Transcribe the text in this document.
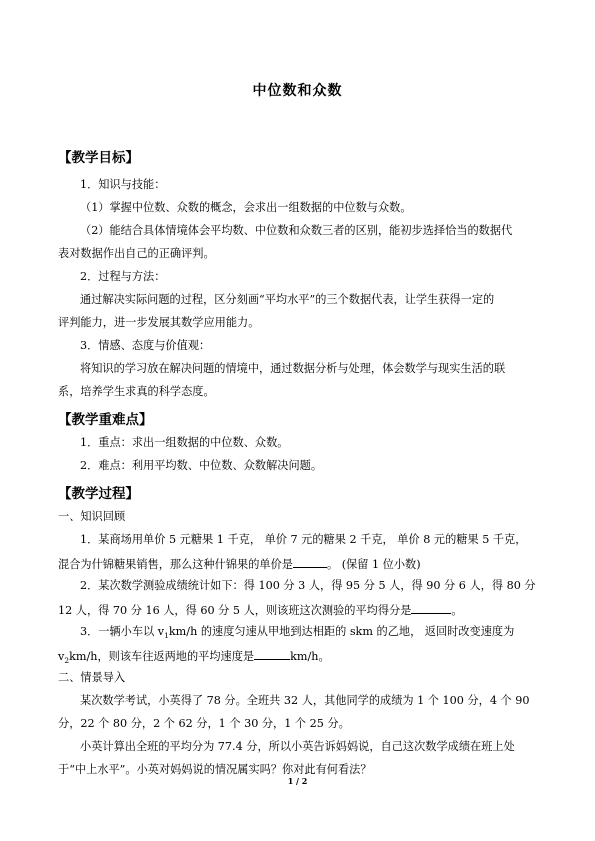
中位数和众数
【教学目标】
1．知识与技能：
（1）掌握中位数、众数的概念，会求出一组数据的中位数与众数。
（2）能结合具体情境体会平均数、中位数和众数三者的区别，能初步选择恰当的数据代
表对数据作出自己的正确评判。
2．过程与方法：
通过解决实际问题的过程，区分刻画“平均水平”的三个数据代表，让学生获得一定的
评判能力，进一步发展其数学应用能力。
3．情感、态度与价值观：
将知识的学习放在解决问题的情境中，通过数据分析与处理，体会数学与现实生活的联
系，培养学生求真的科学态度。
【教学重难点】
1．重点：求出一组数据的中位数、众数。
2．难点：利用平均数、中位数、众数解决问题。
【教学过程】
一、知识回顾
1．某商场用单价 5 元糖果 1 千克， 单价 7 元的糖果 2 千克， 单价 8 元的糖果 5 千克，
混合为什锦糖果销售，那么这种什锦果的单价是	。 (保留 1 位小数)
2．某次数学测验成绩统计如下：得 100 分 3 人，得 95 分 5 人，得 90 分 6 人，得 80 分
12 人，得 70 分 16 人，得 60 分 5 人，则该班这次测验的平均得分是	。
3．一辆小车以 $v_1km/h$ 的速度匀速从甲地到达相距的 skm 的乙地， 返回时改变速度为
$v_2km/h$，则该车往返两地的平均速度是	km/h。
二、情景导入
某次数学考试，小英得了 78 分。全班共 32 人，其他同学的成绩为 1 个 100 分，4 个 90
分，22 个 80 分，2 个 62 分，1 个 30 分，1 个 25 分。
小英计算出全班的平均分为 77.4 分，所以小英告诉妈妈说，自己这次数学成绩在班上处
于“中上水平”。小英对妈妈说的情况属实吗？你对此有何看法？
1 / 2
